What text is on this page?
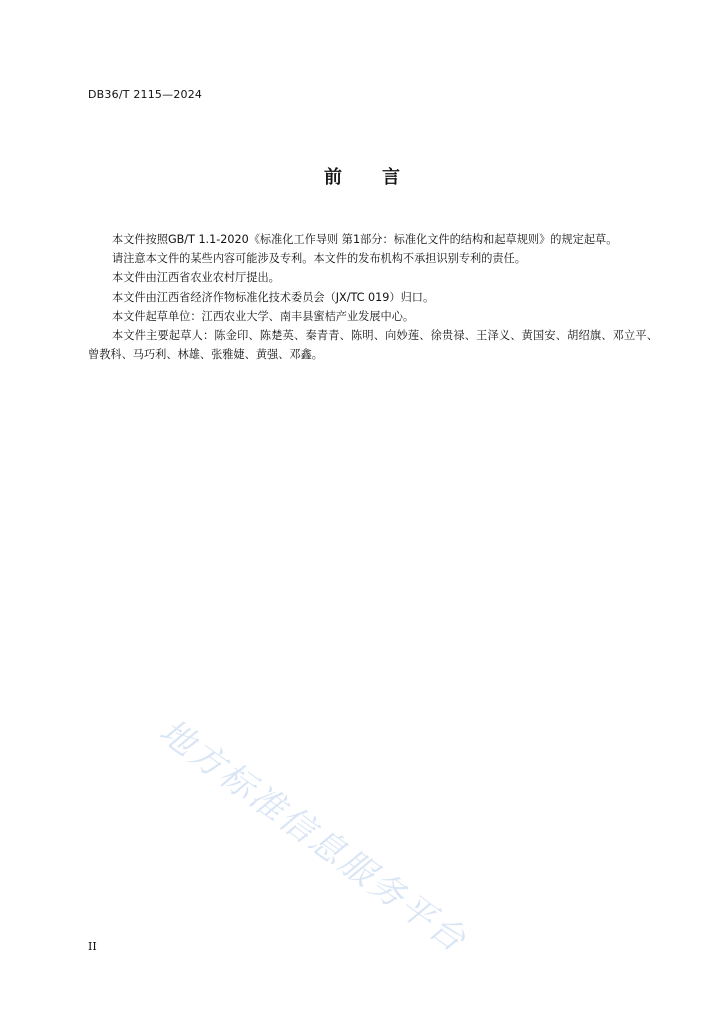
DB36/T 2115—2024
前 言

本文件按照GB/T 1.1-2020《标准化工作导则 第1部分：标准化文件的结构和起草规则》的规定起草。

请注意本文件的某些内容可能涉及专利。本文件的发布机构不承担识别专利的责任。

本文件由江西省农业农村厅提出。

本文件由江西省经济作物标准化技术委员会（JX/TC 019）归口。

本文件起草单位：江西农业大学、南丰县蜜桔产业发展中心。

本文件主要起草人：陈金印、陈楚英、秦青青、陈明、向妙莲、徐贵禄、王泽义、黄国安、胡绍旗、邓立平、曾教科、马巧利、林雄、张雅婕、黄强、邓鑫。

地方标准信息服务平台
II
